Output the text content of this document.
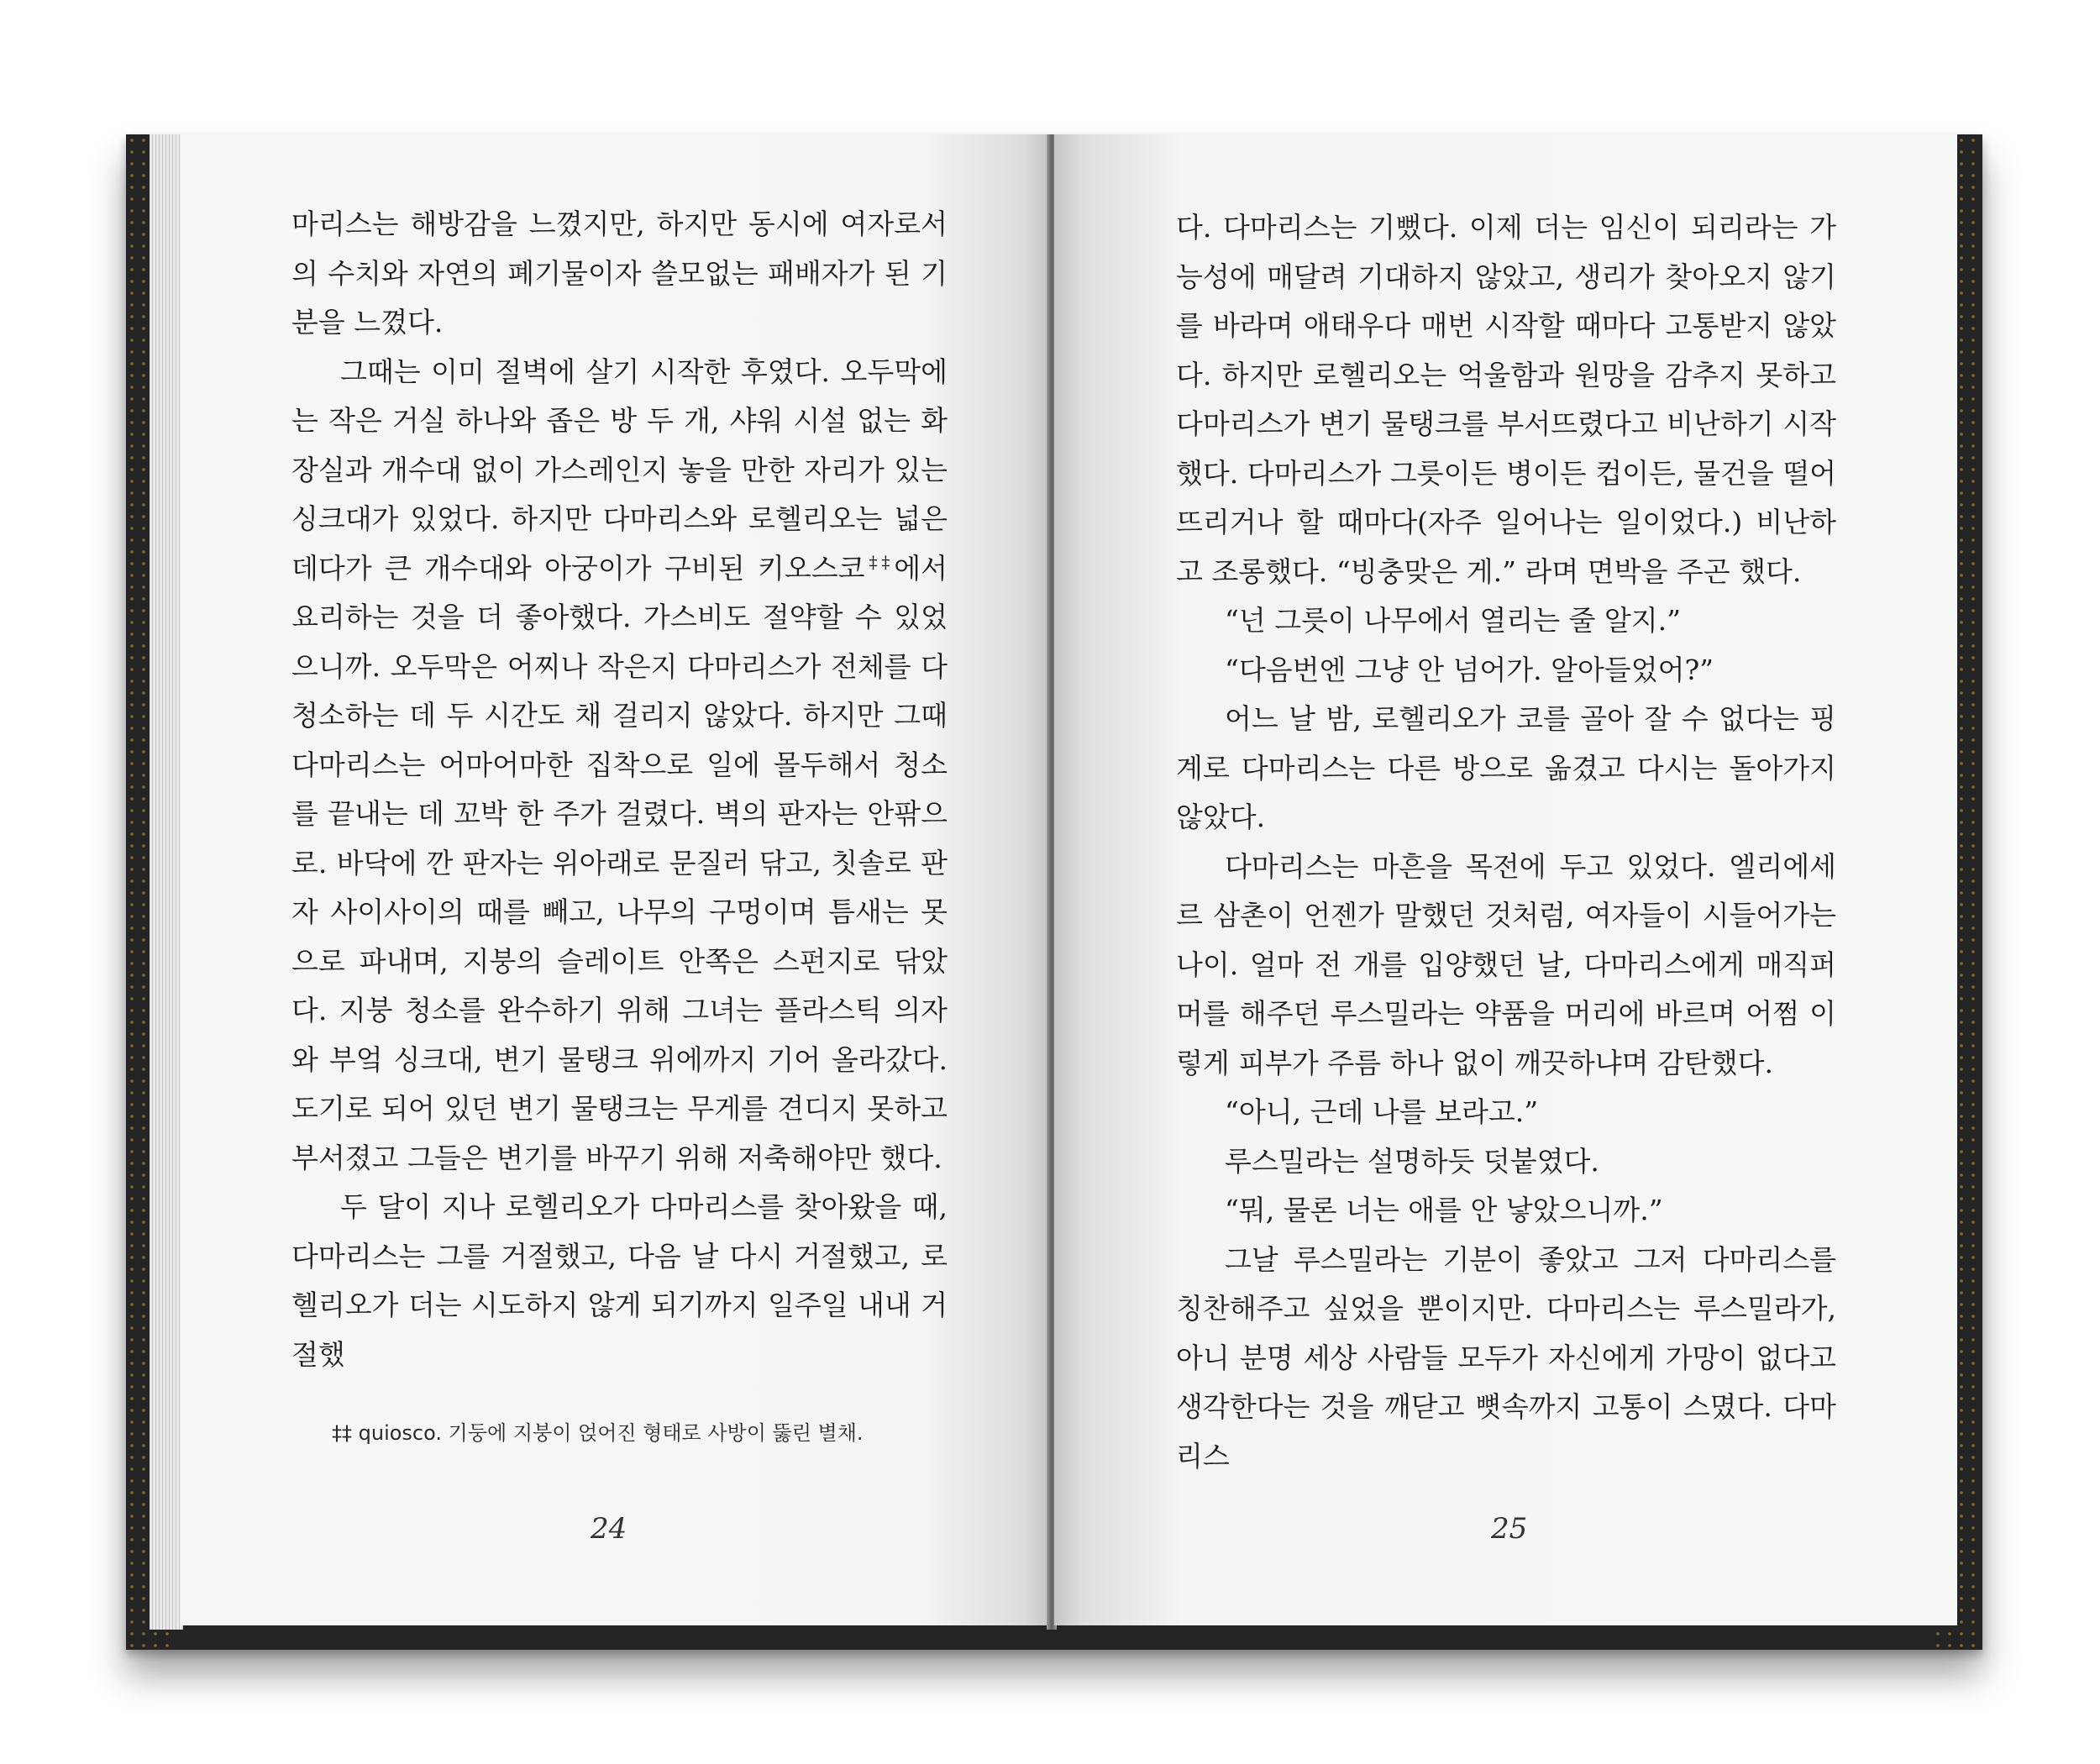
마리스는 해방감을 느꼈지만, 하지만 동시에 여자로서의 수치와 자연의 폐기물이자 쓸모없는 패배자가 된 기분을 느꼈다.

그때는 이미 절벽에 살기 시작한 후였다. 오두막에는 작은 거실 하나와 좁은 방 두 개, 샤워 시설 없는 화장실과 개수대 없이 가스레인지 놓을 만한 자리가 있는 싱크대가 있었다. 하지만 다마리스와 로헬리오는 넓은 데다가 큰 개수대와 아궁이가 구비된 키오스코‡‡에서 요리하는 것을 더 좋아했다. 가스비도 절약할 수 있었으니까. 오두막은 어찌나 작은지 다마리스가 전체를 다 청소하는 데 두 시간도 채 걸리지 않았다. 하지만 그때 다마리스는 어마어마한 집착으로 일에 몰두해서 청소를 끝내는 데 꼬박 한 주가 걸렸다. 벽의 판자는 안팎으로. 바닥에 깐 판자는 위아래로 문질러 닦고, 칫솔로 판자 사이사이의 때를 빼고, 나무의 구멍이며 틈새는 못으로 파내며, 지붕의 슬레이트 안쪽은 스펀지로 닦았다. 지붕 청소를 완수하기 위해 그녀는 플라스틱 의자와 부엌 싱크대, 변기 물탱크 위에까지 기어 올라갔다. 도기로 되어 있던 변기 물탱크는 무게를 견디지 못하고 부서졌고 그들은 변기를 바꾸기 위해 저축해야만 했다.

두 달이 지나 로헬리오가 다마리스를 찾아왔을 때, 다마리스는 그를 거절했고, 다음 날 다시 거절했고, 로헬리오가 더는 시도하지 않게 되기까지 일주일 내내 거절했

‡‡ quiosco. 기둥에 지붕이 얹어진 형태로 사방이 뚫린 별채.
24

다. 다마리스는 기뻤다. 이제 더는 임신이 되리라는 가능성에 매달려 기대하지 않았고, 생리가 찾아오지 않기를 바라며 애태우다 매번 시작할 때마다 고통받지 않았다. 하지만 로헬리오는 억울함과 원망을 감추지 못하고 다마리스가 변기 물탱크를 부서뜨렸다고 비난하기 시작했다. 다마리스가 그릇이든 병이든 컵이든, 물건을 떨어뜨리거나 할 때마다(자주 일어나는 일이었다.) 비난하고 조롱했다. “빙충맞은 게.” 라며 면박을 주곤 했다.

“넌 그릇이 나무에서 열리는 줄 알지.”

“다음번엔 그냥 안 넘어가. 알아들었어?”

어느 날 밤, 로헬리오가 코를 골아 잘 수 없다는 핑계로 다마리스는 다른 방으로 옮겼고 다시는 돌아가지 않았다.

다마리스는 마흔을 목전에 두고 있었다. 엘리에세르 삼촌이 언젠가 말했던 것처럼, 여자들이 시들어가는 나이. 얼마 전 개를 입양했던 날, 다마리스에게 매직퍼머를 해주던 루스밀라는 약품을 머리에 바르며 어쩜 이렇게 피부가 주름 하나 없이 깨끗하냐며 감탄했다.

“아니, 근데 나를 보라고.”

루스밀라는 설명하듯 덧붙였다.

“뭐, 물론 너는 애를 안 낳았으니까.”

그날 루스밀라는 기분이 좋았고 그저 다마리스를 칭찬해주고 싶었을 뿐이지만. 다마리스는 루스밀라가, 아니 분명 세상 사람들 모두가 자신에게 가망이 없다고 생각한다는 것을 깨닫고 뼛속까지 고통이 스몄다. 다마리스

25
